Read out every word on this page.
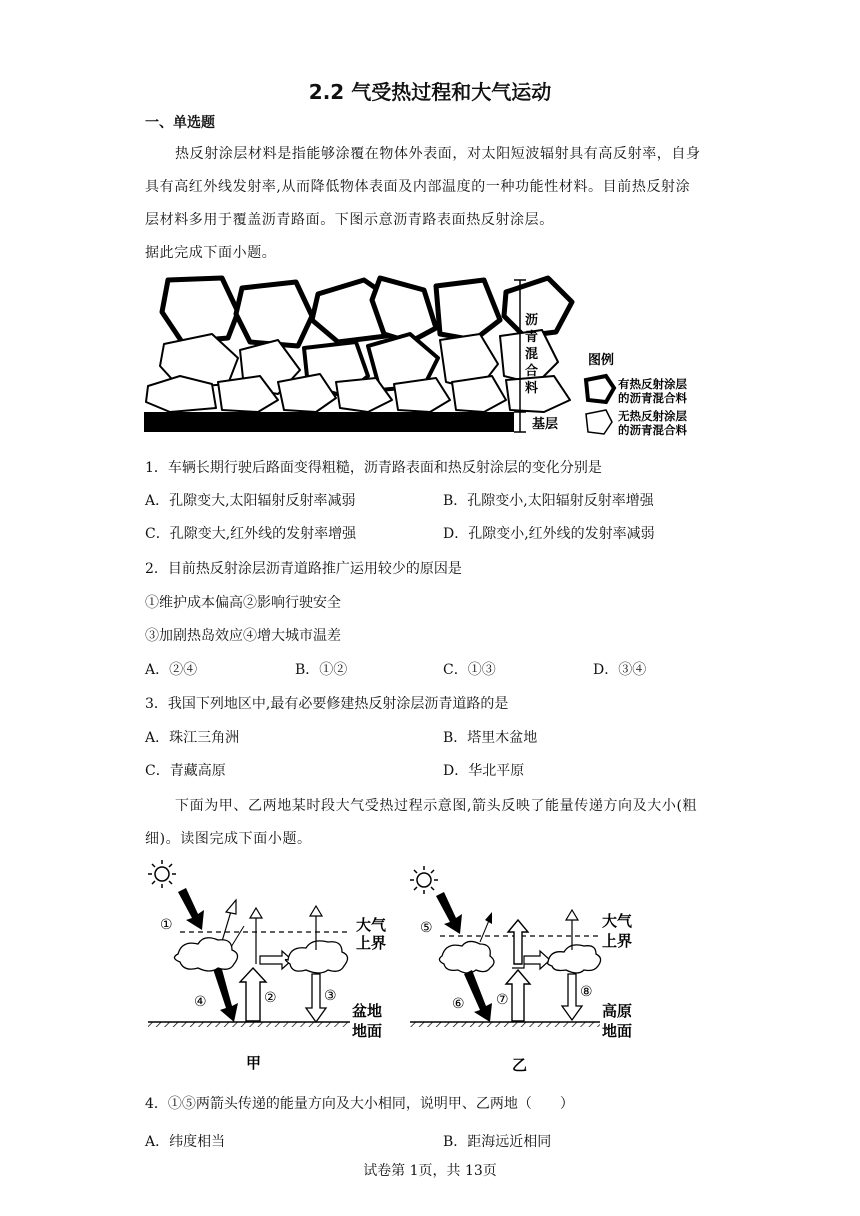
2.2 气受热过程和大气运动
一、单选题
热反射涂层材料是指能够涂覆在物体外表面，对太阳短波辐射具有高反射率，自身
具有高红外线发射率,从而降低物体表面及内部温度的一种功能性材料。目前热反射涂
层材料多用于覆盖沥青路面。下图示意沥青路表面热反射涂层。
据此完成下面小题。
沥
青
混
合
料
基层
图例
有热反射涂层
的沥青混合料
无热反射涂层
的沥青混合料
1．车辆长期行驶后路面变得粗糙，沥青路表面和热反射涂层的变化分别是
A．孔隙变大,太阳辐射反射率减弱	B．孔隙变小,太阳辐射反射率增强
C．孔隙变大,红外线的发射率增强	D．孔隙变小,红外线的发射率减弱
2．目前热反射涂层沥青道路推广运用较少的原因是
①维护成本偏高②影响行驶安全
③加剧热岛效应④增大城市温差
A．②④	B．①②	C．①③	D．③④
3．我国下列地区中,最有必要修建热反射涂层沥青道路的是
A．珠江三角洲	B．塔里木盆地
C．青藏高原	D．华北平原
下面为甲、乙两地某时段大气受热过程示意图,箭头反映了能量传递方向及大小(粗
细)。读图完成下面小题。
①
④	②	③
大气
上界
盆地
地面
甲
⑤
⑥ ⑦	⑧
大气
上界
高原
地面
乙
4．①⑤两箭头传递的能量方向及大小相同，说明甲、乙两地（　　）
A．纬度相当	B．距海远近相同
试卷第 1页，共 13页
